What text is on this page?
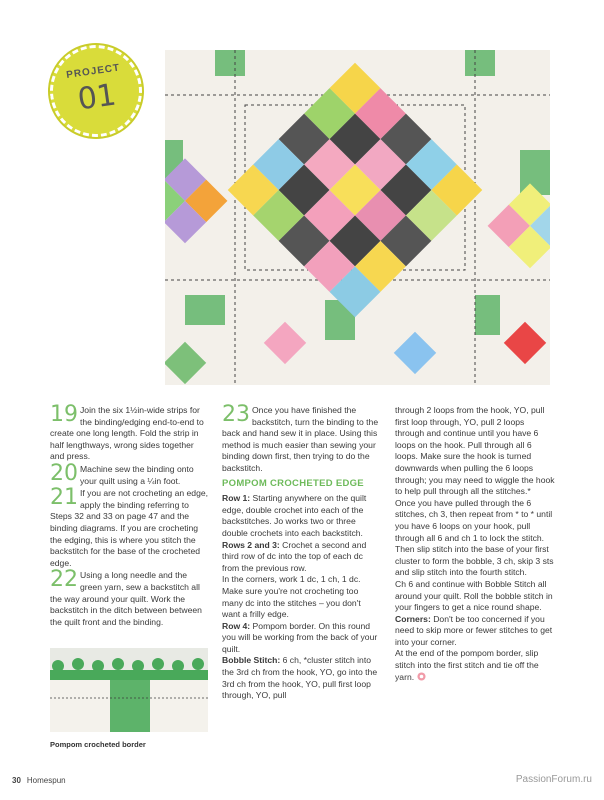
PROJECT
01
19 Join the six 1½in-wide strips for the binding/edging end-to-end to create one long length. Fold the strip in half lengthways, wrong sides together and press.

20 Machine sew the binding onto your quilt using a ¼in foot.

21 If you are not crocheting an edge, apply the binding referring to Steps 32 and 33 on page 47 and the binding diagrams. If you are crocheting the edging, this is where you stitch the backstitch for the base of the crocheted edge.

22 Using a long needle and the green yarn, sew a backstitch all the way around your quilt. Work the backstitch in the ditch between between the quilt front and the binding.

Pompom crocheted border
23 Once you have finished the backstitch, turn the binding to the back and hand sew it in place. Using this method is much easier than sewing your binding down first, then trying to do the backstitch.

POMPOM CROCHETED EDGE

Row 1: Starting anywhere on the quilt edge, double crochet into each of the backstitches. Jo works two or three double crochets into each backstitch.

Rows 2 and 3: Crochet a second and third row of dc into the top of each dc from the previous row.

In the corners, work 1 dc, 1 ch, 1 dc. Make sure you're not crocheting too many dc into the stitches – you don't want a frilly edge.

Row 4: Pompom border. On this round you will be working from the back of your quilt.

Bobble Stitch: 6 ch, *cluster stitch into the 3rd ch from the hook, YO, go into the 3rd ch from the hook, YO, pull first loop through, YO, pull

through 2 loops from the hook, YO, pull first loop through, YO, pull 2 loops through and continue until you have 6 loops on the hook. Pull through all 6 loops. Make sure the hook is turned downwards when pulling the 6 loops through; you may need to wiggle the hook to help pull through all the stitches.*

Once you have pulled through the 6 stitches, ch 3, then repeat from * to * until you have 6 loops on your hook, pull through all 6 and ch 1 to lock the stitch.

Then slip stitch into the base of your first cluster to form the bobble, 3 ch, skip 3 sts and slip stitch into the fourth stitch.

Ch 6 and continue with Bobble Stitch all around your quilt. Roll the bobble stitch in your fingers to get a nice round shape.

Corners: Don't be too concerned if you need to skip more or fewer stitches to get into your corner.

At the end of the pompom border, slip stitch into the first stitch and tie off the yarn.

30 Homespun	PassionForum.ru
